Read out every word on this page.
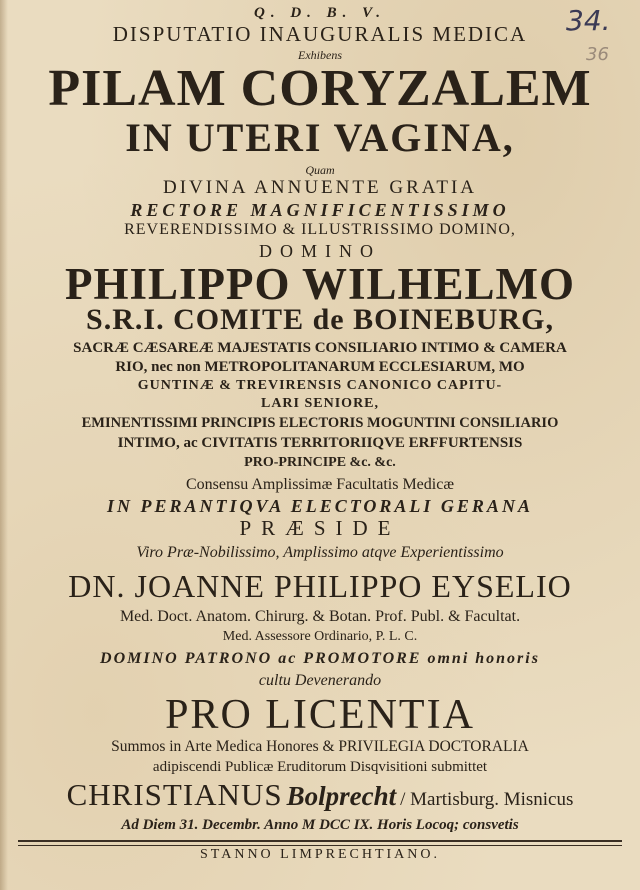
34.
36
Q. D. B. V.
DISPUTATIO INAUGURALIS MEDICA
Exhibens
PILAM CORYZALEM
IN UTERI VAGINA,
Quam
DIVINA ANNUENTE GRATIA
RECTORE MAGNIFICENTISSIMO
REVERENDISSIMO & ILLUSTRISSIMO DOMINO,
DOMINO
PHILIPPO WILHELMO
S.R.I. COMITE de BOINEBURG,
SACRÆ CÆSAREÆ MAJESTATIS CONSILIARIO INTIMO & CAMERA
RIO, nec non METROPOLITANARUM ECCLESIARUM, MO
GUNTINÆ & TREVIRENSIS CANONICO CAPITU-
LARI SENIORE,
EMINENTISSIMI PRINCIPIS ELECTORIS MOGUNTINI CONSILIARIO
INTIMO, ac CIVITATIS TERRITORIIQVE ERFFURTENSIS
PRO-PRINCIPE &c. &c.
Consensu Amplissimæ Facultatis Medicæ
IN PERANTIQVA ELECTORALI GERANA
PRÆSIDE
Viro Præ-Nobilissimo, Amplissimo atqve Experientissimo
DN. JOANNE PHILIPPO EYSELIO
Med. Doct. Anatom. Chirurg. & Botan. Prof. Publ. & Facultat.
Med. Assessore Ordinario, P. L. C.
DOMINO PATRONO ac PROMOTORE omni honoris
cultu Devenerando
PRO LICENTIA
Summos in Arte Medica Honores & PRIVILEGIA DOCTORALIA
adipiscendi Publicæ Eruditorum Disqvisitioni submittet
CHRISTIANUS Bolprecht / Martisburg. Misnicus
Ad Diem 31. Decembr. Anno M DCC IX. Horis Locoq; consvetis
STANNO LIMPRECHTIANO.
